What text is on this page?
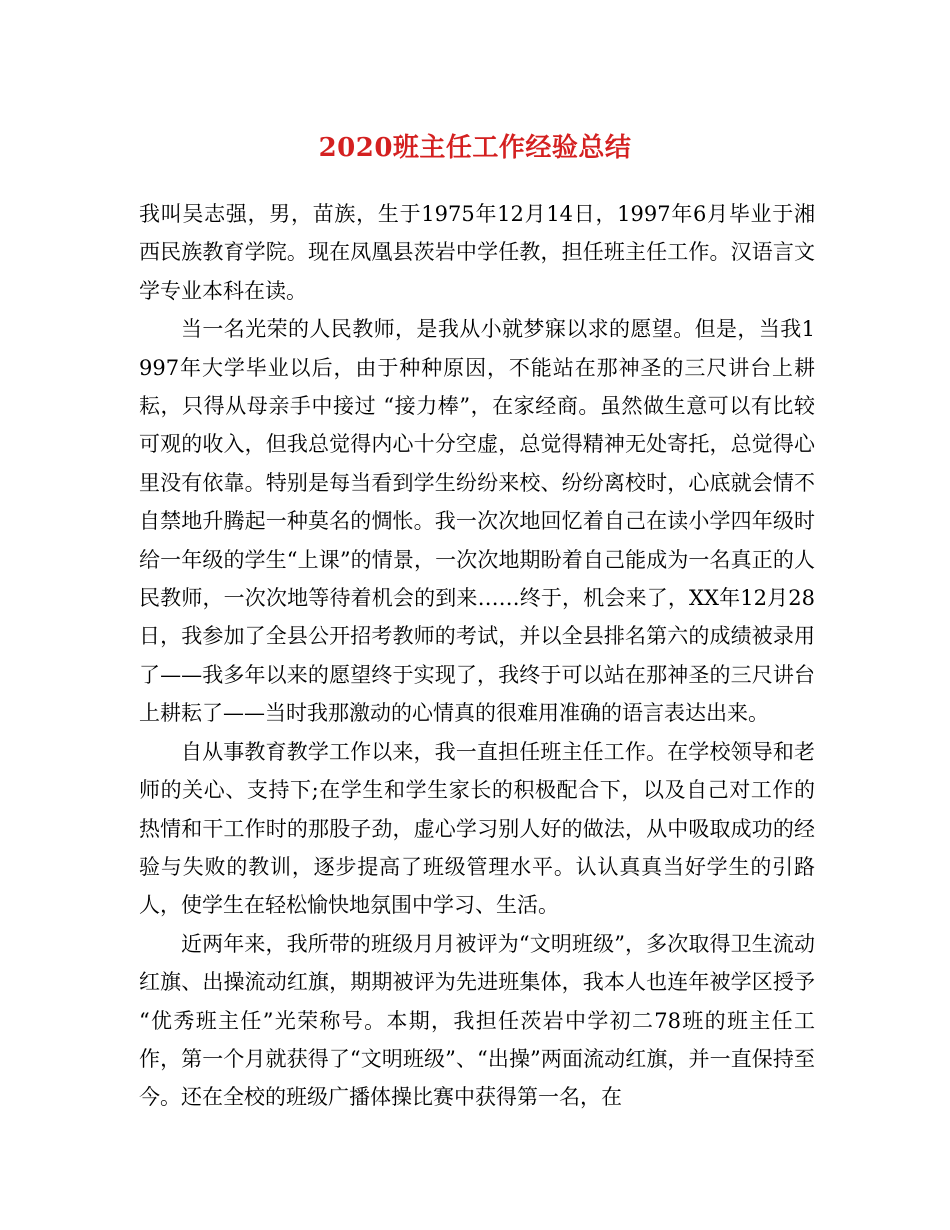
2020班主任工作经验总结

我叫吴志强，男，苗族，生于1975年12月14日，1997年6月毕业于湘西民族教育学院。现在凤凰县茨岩中学任教，担任班主任工作。汉语言文学专业本科在读。

当一名光荣的人民教师，是我从小就梦寐以求的愿望。但是，当我1997年大学毕业以后，由于种种原因，不能站在那神圣的三尺讲台上耕耘，只得从母亲手中接过 “接力棒”，在家经商。虽然做生意可以有比较可观的收入，但我总觉得内心十分空虚，总觉得精神无处寄托，总觉得心里没有依靠。特别是每当看到学生纷纷来校、纷纷离校时，心底就会情不自禁地升腾起一种莫名的惆怅。我一次次地回忆着自己在读小学四年级时给一年级的学生“上课”的情景，一次次地期盼着自己能成为一名真正的人民教师，一次次地等待着机会的到来……终于，机会来了，XX年12月28日，我参加了全县公开招考教师的考试，并以全县排名第六的成绩被录用了——我多年以来的愿望终于实现了，我终于可以站在那神圣的三尺讲台上耕耘了——当时我那激动的心情真的很难用准确的语言表达出来。

自从事教育教学工作以来，我一直担任班主任工作。在学校领导和老师的关心、支持下;在学生和学生家长的积极配合下，以及自己对工作的热情和干工作时的那股子劲，虚心学习别人好的做法，从中吸取成功的经验与失败的教训，逐步提高了班级管理水平。认认真真当好学生的引路人，使学生在轻松愉快地氛围中学习、生活。

近两年来，我所带的班级月月被评为“文明班级”，多次取得卫生流动红旗、出操流动红旗，期期被评为先进班集体，我本人也连年被学区授予 “优秀班主任”光荣称号。本期，我担任茨岩中学初二78班的班主任工作，第一个月就获得了“文明班级”、“出操”两面流动红旗，并一直保持至今。还在全校的班级广播体操比赛中获得第一名，在
